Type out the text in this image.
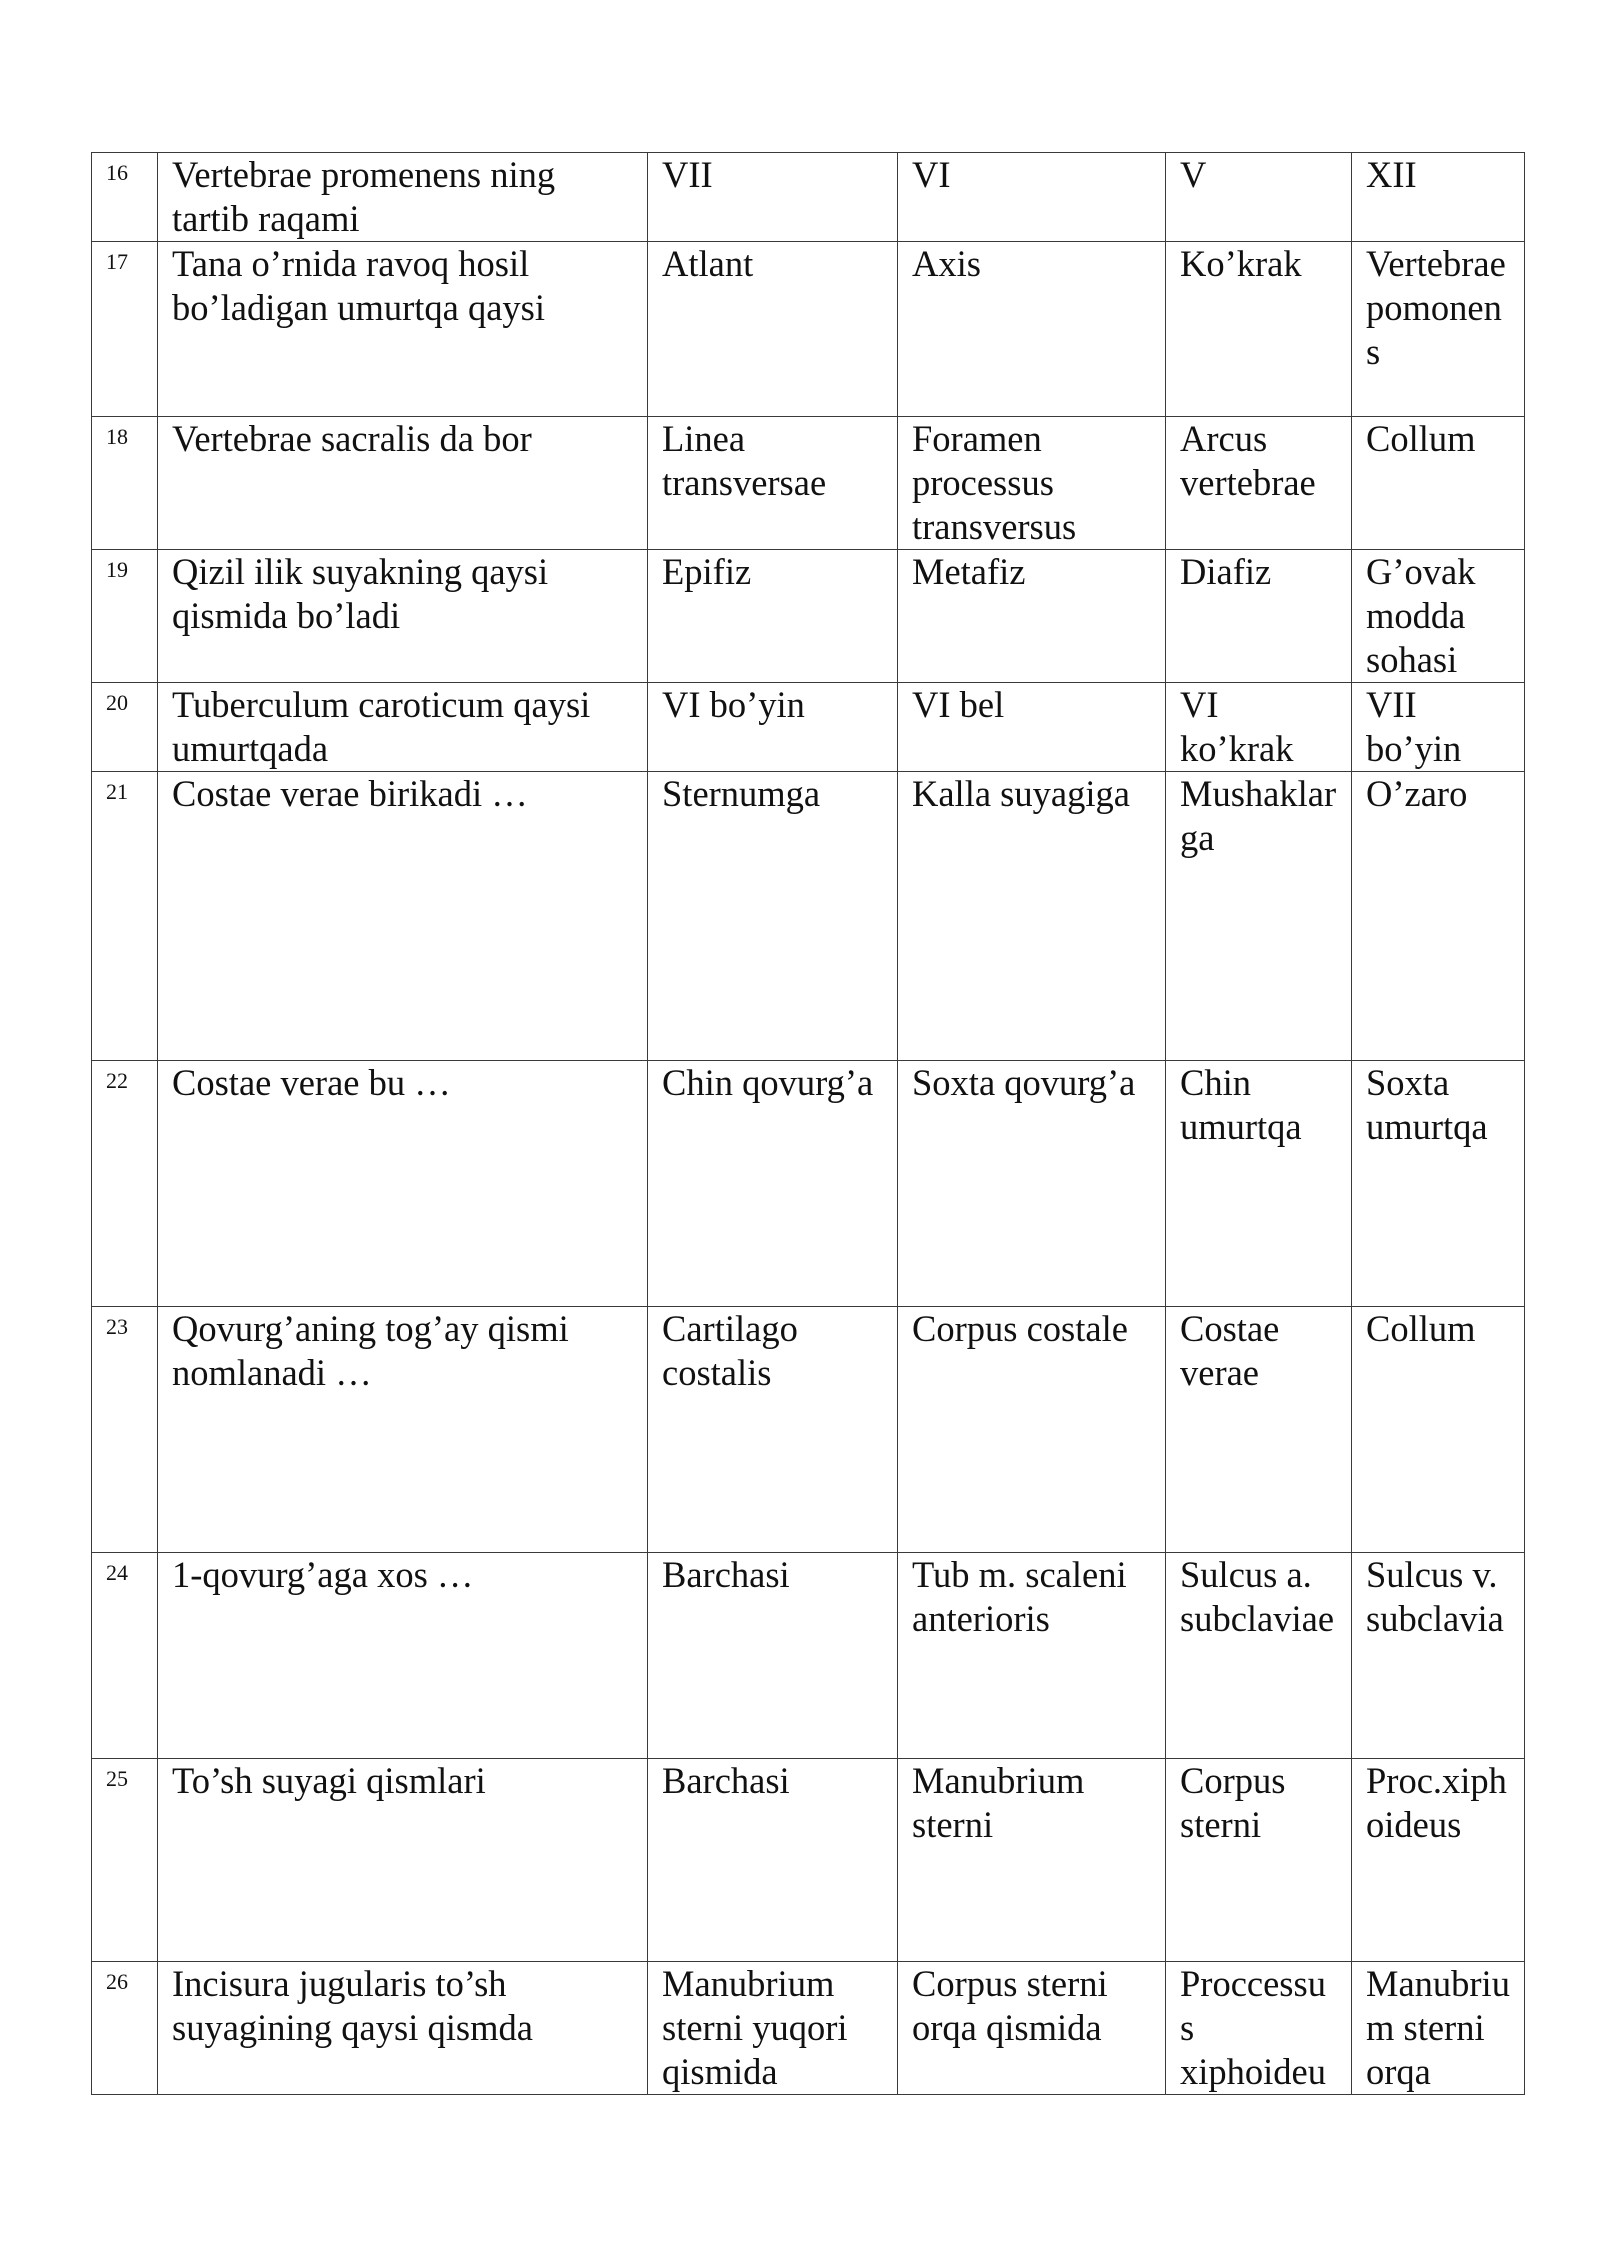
16	Vertebrae promenens ning tartib raqami	VII	VI	V	XII
17	Tana o’rnida ravoq hosil bo’ladigan umurtqa qaysi	Atlant	Axis	Ko’krak	Vertebrae pomonens
18	Vertebrae sacralis da bor	Linea transversae	Foramen processus transversus	Arcus vertebrae	Collum
19	Qizil ilik suyakning qaysi qismida bo’ladi	Epifiz	Metafiz	Diafiz	G’ovak modda sohasi
20	Tuberculum caroticum qaysi umurtqada	VI bo’yin	VI bel	VI ko’krak	VII bo’yin
21	Costae verae birikadi …	Sternumga	Kalla suyagiga	Mushaklarga	O’zaro
22	Costae verae bu …	Chin qovurg’a	Soxta qovurg’a	Chin umurtqa	Soxta umurtqa
23	Qovurg’aning tog’ay qismi nomlanadi …	Cartilago costalis	Corpus costale	Costae verae	Collum
24	1-qovurg’aga xos …	Barchasi	Tub m. scaleni anterioris	Sulcus a. subclaviae	Sulcus v. subclavia
25	To’sh suyagi qismlari	Barchasi	Manubrium sterni	Corpus sterni	Proc.xiphoideus
26	Incisura jugularis to’sh suyagining qaysi qismda	Manubrium sterni yuqori qismida	Corpus sterni orqa qismida	Proccessus xiphoideu	Manubrium sterni orqa
